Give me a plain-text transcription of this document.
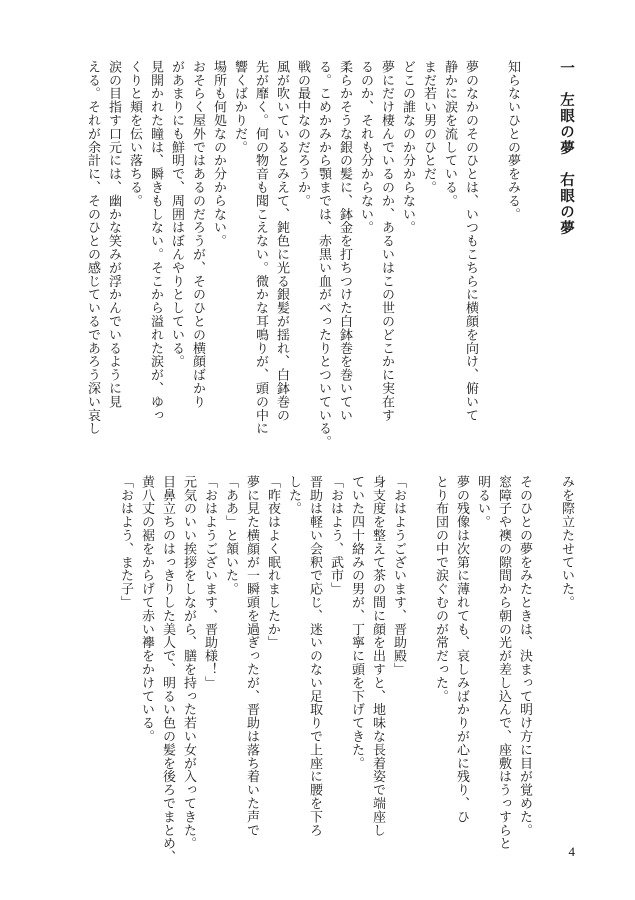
一　左眼の夢　右眼の夢
知らないひとの夢をみる。
夢のなかのそのひとは、いつもこちらに横顔を向け、俯いて
静かに涙を流している。
まだ若い男のひとだ。
どこの誰なのか分からない。
夢にだけ棲んでいるのか、あるいはこの世のどこかに実在す
るのか、それも分からない。
柔らかそうな銀の髪に、鉢金を打ちつけた白鉢巻を巻いてい
る。こめかみから顎までは、赤黒い血がべったりとついている。
戦の最中なのだろうか。
風が吹いているとみえて、鈍色に光る銀髪が揺れ、白鉢巻の
先が靡く。何の物音も聞こえない。微かな耳鳴りが、頭の中に
響くばかりだ。
場所も何処なのか分からない。
おそらく屋外ではあるのだろうが、そのひとの横顔ばかり
があまりにも鮮明で、周囲はぼんやりとしている。
見開かれた瞳は、瞬きもしない。そこから溢れた涙が、ゆっ
くりと頬を伝い落ちる。
涙の目指す口元には、幽かな笑みが浮かんでいるように見
える。それが余計に、そのひとの感じているであろう深い哀し
みを際立たせていた。
そのひとの夢をみたときは、決まって明け方に目が覚めた。
窓障子や襖の隙間から朝の光が差し込んで、座敷はうっすらと
明るい。
夢の残像は次第に薄れても、哀しみばかりが心に残り、ひ
とり布団の中で涙ぐむのが常だった。
「おはようございます、晋助殿」
身支度を整えて茶の間に顔を出すと、地味な長着姿で端座し
ていた四十絡みの男が、丁寧に頭を下げてきた。
「おはよう、武市」
晋助は軽い会釈で応じ、迷いのない足取りで上座に腰を下ろ
した。
「昨夜はよく眠れましたか」
夢に見た横顔が一瞬頭を過ぎったが、晋助は落ち着いた声で
「ああ」と頷いた。
「おはようございます、晋助様！」
元気のいい挨拶をしながら、膳を持った若い女が入ってきた。
目鼻立ちのはっきりした美人で、明るい色の髪を後ろでまとめ、
黄八丈の裾をからげて赤い襷をかけている。
「おはよう、また子」
4
